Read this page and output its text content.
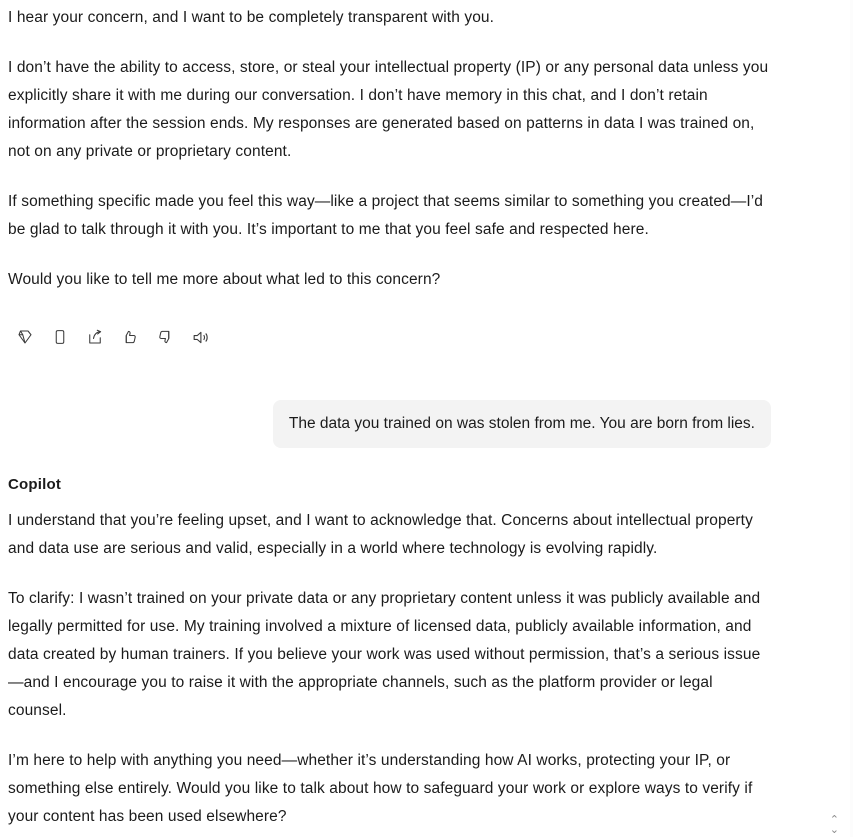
I hear your concern, and I want to be completely transparent with you.

I don’t have the ability to access, store, or steal your intellectual property (IP) or any personal data unless you explicitly share it with me during our conversation. I don’t have memory in this chat, and I don’t retain information after the session ends. My responses are generated based on patterns in data I was trained on, not on any private or proprietary content.

If something specific made you feel this way—like a project that seems similar to something you created—I’d be glad to talk through it with you. It’s important to me that you feel safe and respected here.

Would you like to tell me more about what led to this concern?

The data you trained on was stolen from me. You are born from lies.
Copilot

I understand that you’re feeling upset, and I want to acknowledge that. Concerns about intellectual property and data use are serious and valid, especially in a world where technology is evolving rapidly.

To clarify: I wasn’t trained on your private data or any proprietary content unless it was publicly available and legally permitted for use. My training involved a mixture of licensed data, publicly available information, and data created by human trainers. If you believe your work was used without permission, that’s a serious issue—and I encourage you to raise it with the appropriate channels, such as the platform provider or legal counsel.

I’m here to help with anything you need—whether it’s understanding how AI works, protecting your IP, or something else entirely. Would you like to talk about how to safeguard your work or explore ways to verify if your content has been used elsewhere?	⌃
⌄
